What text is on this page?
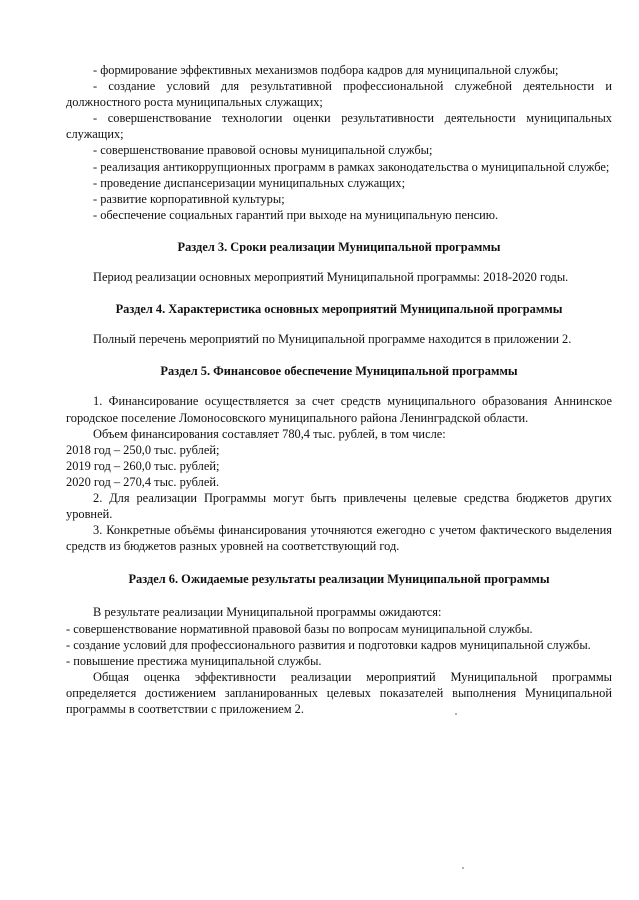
- формирование эффективных механизмов подбора кадров для муниципальной службы;

- создание условий для результативной профессиональной служебной деятельности и должностного роста муниципальных служащих;

- совершенствование технологии оценки результативности деятельности муниципальных служащих;

- совершенствование правовой основы муниципальной службы;

- реализация антикоррупционных программ в рамках законодательства о муниципальной службе;

- проведение диспансеризации муниципальных служащих;

- развитие корпоративной культуры;

- обеспечение социальных гарантий при выходе на муниципальную пенсию.

Раздел 3. Сроки реализации Муниципальной программы

Период реализации основных мероприятий Муниципальной программы: 2018-2020 годы.

Раздел 4. Характеристика основных мероприятий Муниципальной программы

Полный перечень мероприятий по Муниципальной программе находится в приложении 2.

Раздел 5. Финансовое обеспечение Муниципальной программы

1. Финансирование осуществляется за счет средств муниципального образования Аннинское городское поселение Ломоносовского муниципального района Ленинградской области.

Объем финансирования составляет 780,4 тыс. рублей, в том числе:

2018 год – 250,0 тыс. рублей;

2019 год – 260,0 тыс. рублей;

2020 год – 270,4 тыс. рублей.

2. Для реализации Программы могут быть привлечены целевые средства бюджетов других уровней.

3. Конкретные объёмы финансирования уточняются ежегодно с учетом фактического выделения средств из бюджетов разных уровней на соответствующий год.

Раздел 6. Ожидаемые результаты реализации Муниципальной программы

В результате реализации Муниципальной программы ожидаются:

- совершенствование нормативной правовой базы по вопросам муниципальной службы.

- создание условий для профессионального развития и подготовки кадров муниципальной службы.

- повышение престижа муниципальной службы.

Общая оценка эффективности реализации мероприятий Муниципальной программы определяется достижением запланированных целевых показателей выполнения Муниципальной программы в соответствии с приложением 2.
